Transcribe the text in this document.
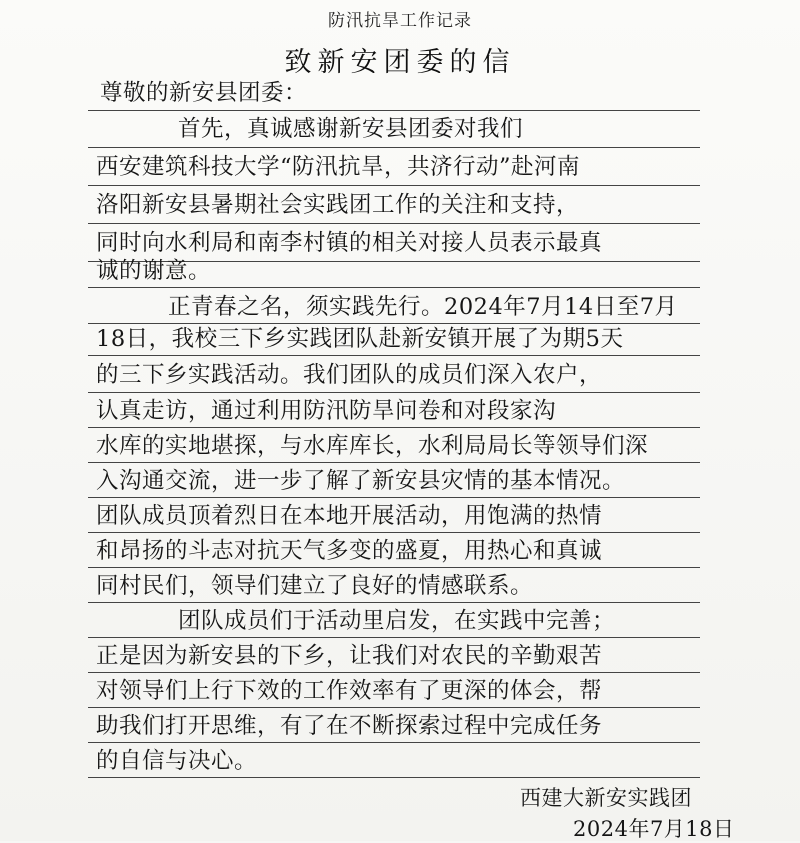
防汛抗旱工作记录
致新安团委的信
尊敬的新安县团委：
首先，真诚感谢新安县团委对我们
西安建筑科技大学“防汛抗旱，共济行动”赴河南
洛阳新安县暑期社会实践团工作的关注和支持，
同时向水利局和南李村镇的相关对接人员表示最真
诚的谢意。
正青春之名，须实践先行。2024年7月14日至7月
18日，我校三下乡实践团队赴新安镇开展了为期5天
的三下乡实践活动。我们团队的成员们深入农户，
认真走访，通过利用防汛防旱问卷和对段家沟
水库的实地堪探，与水库库长，水利局局长等领导们深
入沟通交流，进一步了解了新安县灾情的基本情况。
团队成员顶着烈日在本地开展活动，用饱满的热情
和昂扬的斗志对抗天气多变的盛夏，用热心和真诚
同村民们，领导们建立了良好的情感联系。
团队成员们于活动里启发，在实践中完善；
正是因为新安县的下乡，让我们对农民的辛勤艰苦
对领导们上行下效的工作效率有了更深的体会，帮
助我们打开思维，有了在不断探索过程中完成任务
的自信与决心。
西建大新安实践团
2024年7月18日
